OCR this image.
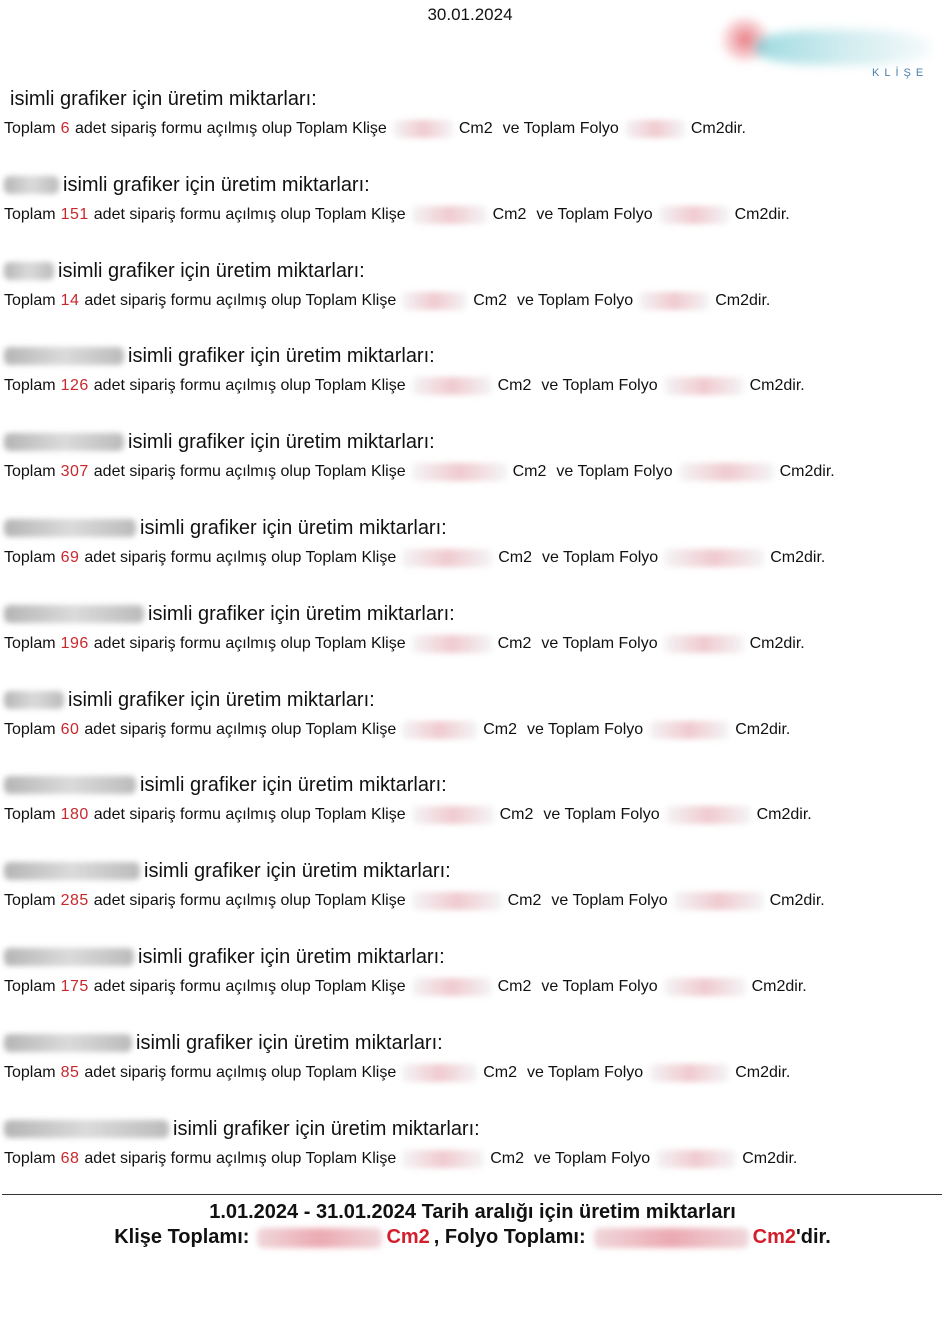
30.01.2024
KLİŞE
isimli grafiker için üretim miktarları:
Toplam 6 adet sipariş formu açılmış olup Toplam Klişe	Cm2 ve Toplam Folyo	Cm2dir.
isimli grafiker için üretim miktarları:
Toplam 151 adet sipariş formu açılmış olup Toplam Klişe	Cm2 ve Toplam Folyo	Cm2dir.
isimli grafiker için üretim miktarları:
Toplam 14 adet sipariş formu açılmış olup Toplam Klişe	Cm2 ve Toplam Folyo	Cm2dir.
isimli grafiker için üretim miktarları:
Toplam 126 adet sipariş formu açılmış olup Toplam Klişe	Cm2 ve Toplam Folyo	Cm2dir.
isimli grafiker için üretim miktarları:
Toplam 307 adet sipariş formu açılmış olup Toplam Klişe	Cm2 ve Toplam Folyo	Cm2dir.
isimli grafiker için üretim miktarları:
Toplam 69 adet sipariş formu açılmış olup Toplam Klişe	Cm2 ve Toplam Folyo	Cm2dir.
isimli grafiker için üretim miktarları:
Toplam 196 adet sipariş formu açılmış olup Toplam Klişe	Cm2 ve Toplam Folyo	Cm2dir.
isimli grafiker için üretim miktarları:
Toplam 60 adet sipariş formu açılmış olup Toplam Klişe	Cm2 ve Toplam Folyo	Cm2dir.
isimli grafiker için üretim miktarları:
Toplam 180 adet sipariş formu açılmış olup Toplam Klişe	Cm2 ve Toplam Folyo	Cm2dir.
isimli grafiker için üretim miktarları:
Toplam 285 adet sipariş formu açılmış olup Toplam Klişe	Cm2 ve Toplam Folyo	Cm2dir.
isimli grafiker için üretim miktarları:
Toplam 175 adet sipariş formu açılmış olup Toplam Klişe	Cm2 ve Toplam Folyo	Cm2dir.
isimli grafiker için üretim miktarları:
Toplam 85 adet sipariş formu açılmış olup Toplam Klişe	Cm2 ve Toplam Folyo	Cm2dir.
isimli grafiker için üretim miktarları:
Toplam 68 adet sipariş formu açılmış olup Toplam Klişe	Cm2 ve Toplam Folyo	Cm2dir.
1.01.2024 - 31.01.2024 Tarih aralığı için üretim miktarları
Klişe Toplamı:	Cm2 , Folyo Toplamı:	Cm2 'dir.
